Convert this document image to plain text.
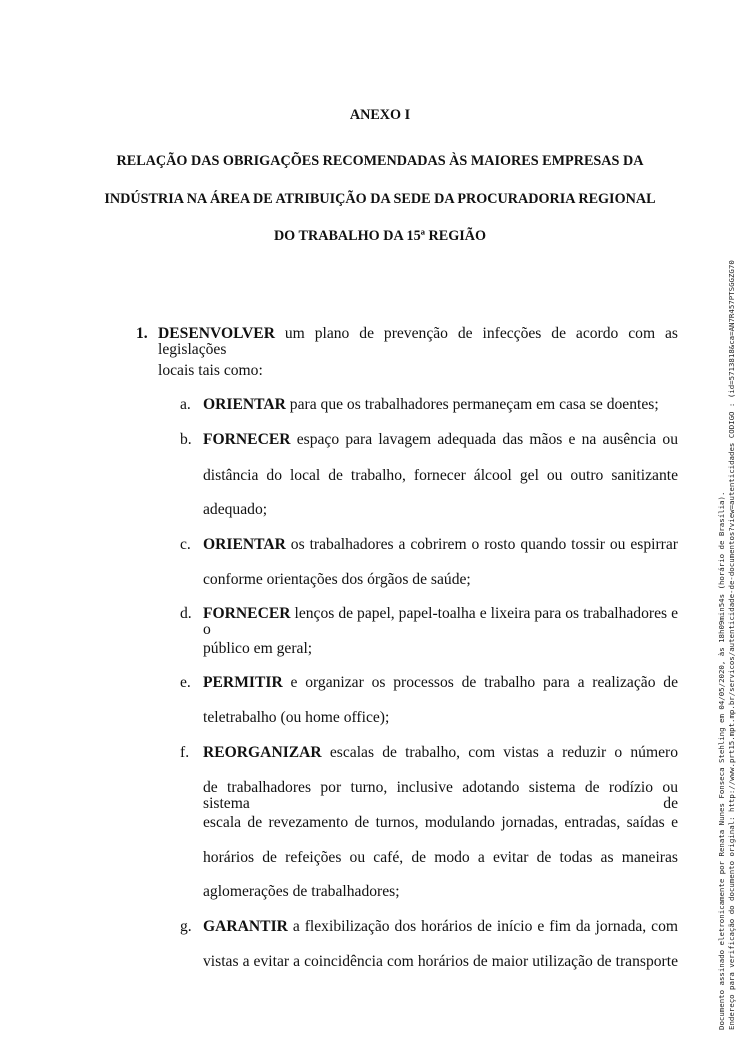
ANEXO I
RELAÇÃO DAS OBRIGAÇÕES RECOMENDADAS ÀS MAIORES EMPRESAS DA
INDÚSTRIA NA ÁREA DE ATRIBUIÇÃO DA SEDE DA PROCURADORIA REGIONAL
DO TRABALHO DA 15ª REGIÃO
1. DESENVOLVER um plano de prevenção de infecções de acordo com as legislações
locais tais como:
a. ORIENTAR para que os trabalhadores permaneçam em casa se doentes;
b. FORNECER espaço para lavagem adequada das mãos e na ausência ou
distância do local de trabalho, fornecer álcool gel ou outro sanitizante
adequado;
c. ORIENTAR os trabalhadores a cobrirem o rosto quando tossir ou espirrar
conforme orientações dos órgãos de saúde;
d. FORNECER lenços de papel, papel-toalha e lixeira para os trabalhadores e o
público em geral;
e. PERMITIR e organizar os processos de trabalho para a realização de
teletrabalho (ou home office);
f. REORGANIZAR escalas de trabalho, com vistas a reduzir o número
de trabalhadores por turno, inclusive adotando sistema de rodízio ou sistema de
escala de revezamento de turnos, modulando jornadas, entradas, saídas e
horários de refeições ou café, de modo a evitar de todas as maneiras
aglomerações de trabalhadores;
g. GARANTIR a flexibilização dos horários de início e fim da jornada, com
vistas a evitar a coincidência com horários de maior utilização de transporte	Documento assinado eletronicamente por Renata Nunes Fonseca Stehling em 04/05/2020, às 18h09min54s (horário de Brasília). Endereço para verificação do documento original: http://www.prt15.mpt.mp.br/servicos/autenticidade-de-documentos?view=autenticidades CODIGO : (id=5713818&ca=AN7R457PTSGGZG70
